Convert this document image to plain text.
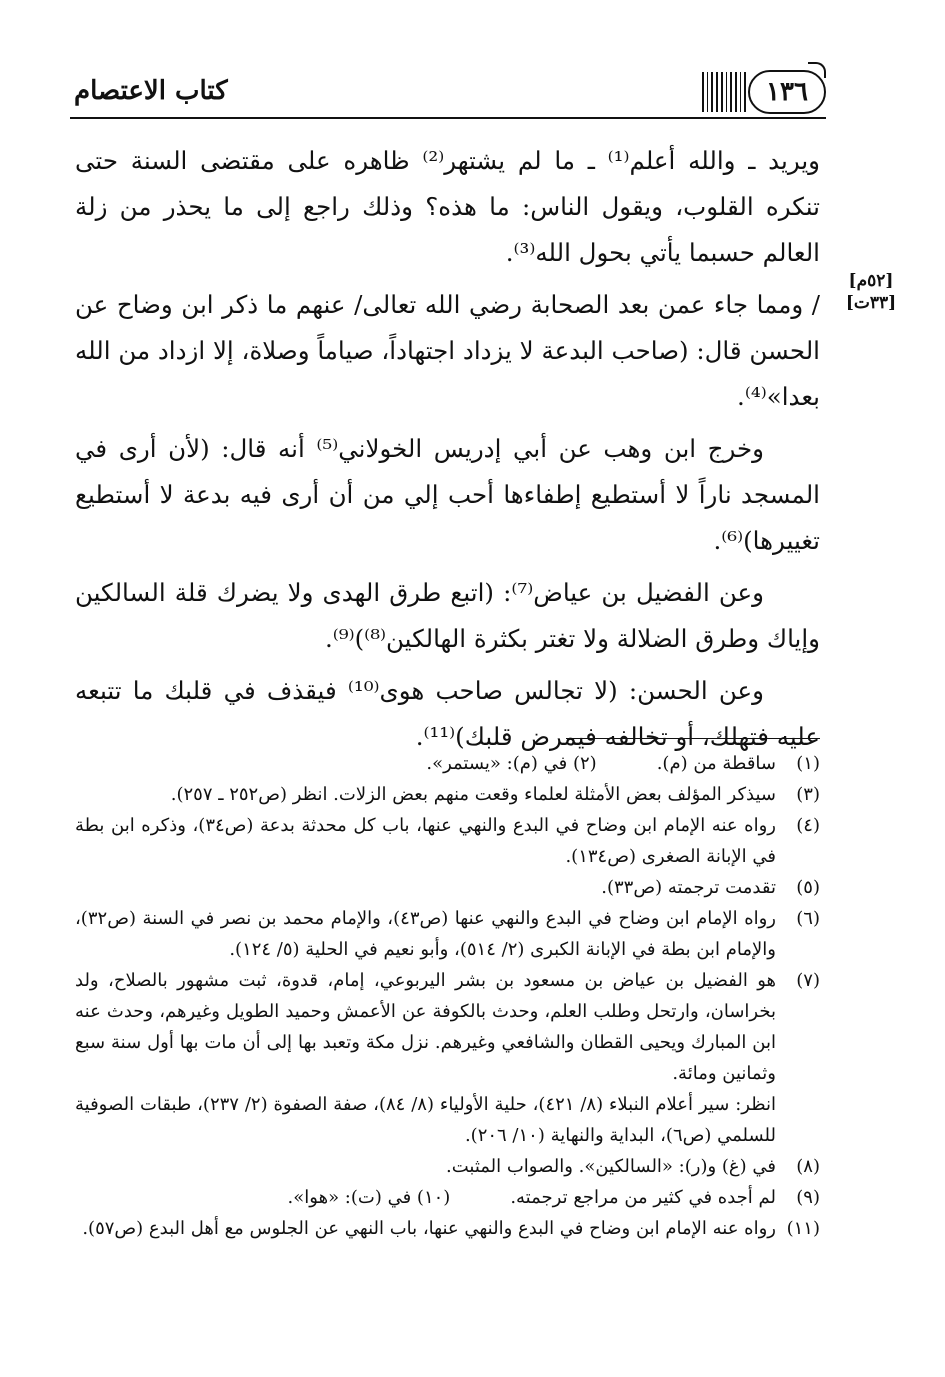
كتاب الاعتصام	١٣٦
[٥٢م]
[٣٣ت]

ويريد ـ والله أعلم⁽¹⁾ ـ ما لم يشتهر⁽²⁾ ظاهره على مقتضى السنة حتى تنكره القلوب، ويقول الناس: ما هذه؟ وذلك راجع إلى ما يحذر من زلة العالم حسبما يأتي بحول الله⁽³⁾.

/ ومما جاء عمن بعد الصحابة رضي الله تعالى/ عنهم ما ذكر ابن وضاح عن الحسن قال: (صاحب البدعة لا يزداد اجتهاداً، صياماً وصلاة، إلا ازداد من الله بعدا»⁽⁴⁾.

وخرج ابن وهب عن أبي إدريس الخولاني⁽⁵⁾ أنه قال: (لأن أرى في المسجد ناراً لا أستطيع إطفاءها أحب إلي من أن أرى فيه بدعة لا أستطيع تغييرها)⁽⁶⁾.

وعن الفضيل بن عياض⁽⁷⁾: (اتبع طرق الهدى ولا يضرك قلة السالكين وإياك وطرق الضلالة ولا تغتر بكثرة الهالكين⁽⁸⁾)⁽⁹⁾.

وعن الحسن: (لا تجالس صاحب هوى⁽¹⁰⁾ فيقذف في قلبك ما تتبعه عليه فتهلك، أو تخالفه فيمرض قلبك)⁽¹¹⁾.

(١)
ساقطة من (م).(٢) في (م): «يستمر».
(٣)
سيذكر المؤلف بعض الأمثلة لعلماء وقعت منهم بعض الزلات. انظر (ص٢٥٢ ـ ٢٥٧).
(٤)
رواه عنه الإمام ابن وضاح في البدع والنهي عنها، باب كل محدثة بدعة (ص٣٤)، وذكره ابن بطة في الإبانة الصغرى (ص١٣٤).
(٥)
تقدمت ترجمته (ص٣٣).
(٦)
رواه الإمام ابن وضاح في البدع والنهي عنها (ص٤٣)، والإمام محمد بن نصر في السنة (ص٣٢)، والإمام ابن بطة في الإبانة الكبرى (٢/ ٥١٤)، وأبو نعيم في الحلية (٥/ ١٢٤).
(٧)
هو الفضيل بن عياض بن مسعود بن بشر اليربوعي، إمام، قدوة، ثبت مشهور بالصلاح، ولد بخراسان، وارتحل وطلب العلم، وحدث بالكوفة عن الأعمش وحميد الطويل وغيرهم، وحدث عنه ابن المبارك ويحيى القطان والشافعي وغيرهم. نزل مكة وتعبد بها إلى أن مات بها أول سنة سبع وثمانين ومائة.
انظر: سير أعلام النبلاء (٨/ ٤٢١)، حلية الأولياء (٨/ ٨٤)، صفة الصفوة (٢/ ٢٣٧)، طبقات الصوفية للسلمي (ص٦)، البداية والنهاية (١٠/ ٢٠٦).
(٨)
في (غ) و(ر): «السالكين». والصواب المثبت.
(٩)
لم أجده في كثير من مراجع ترجمته.(١٠) في (ت): «هوا».
(١١)
رواه عنه الإمام ابن وضاح في البدع والنهي عنها، باب النهي عن الجلوس مع أهل البدع (ص٥٧).
